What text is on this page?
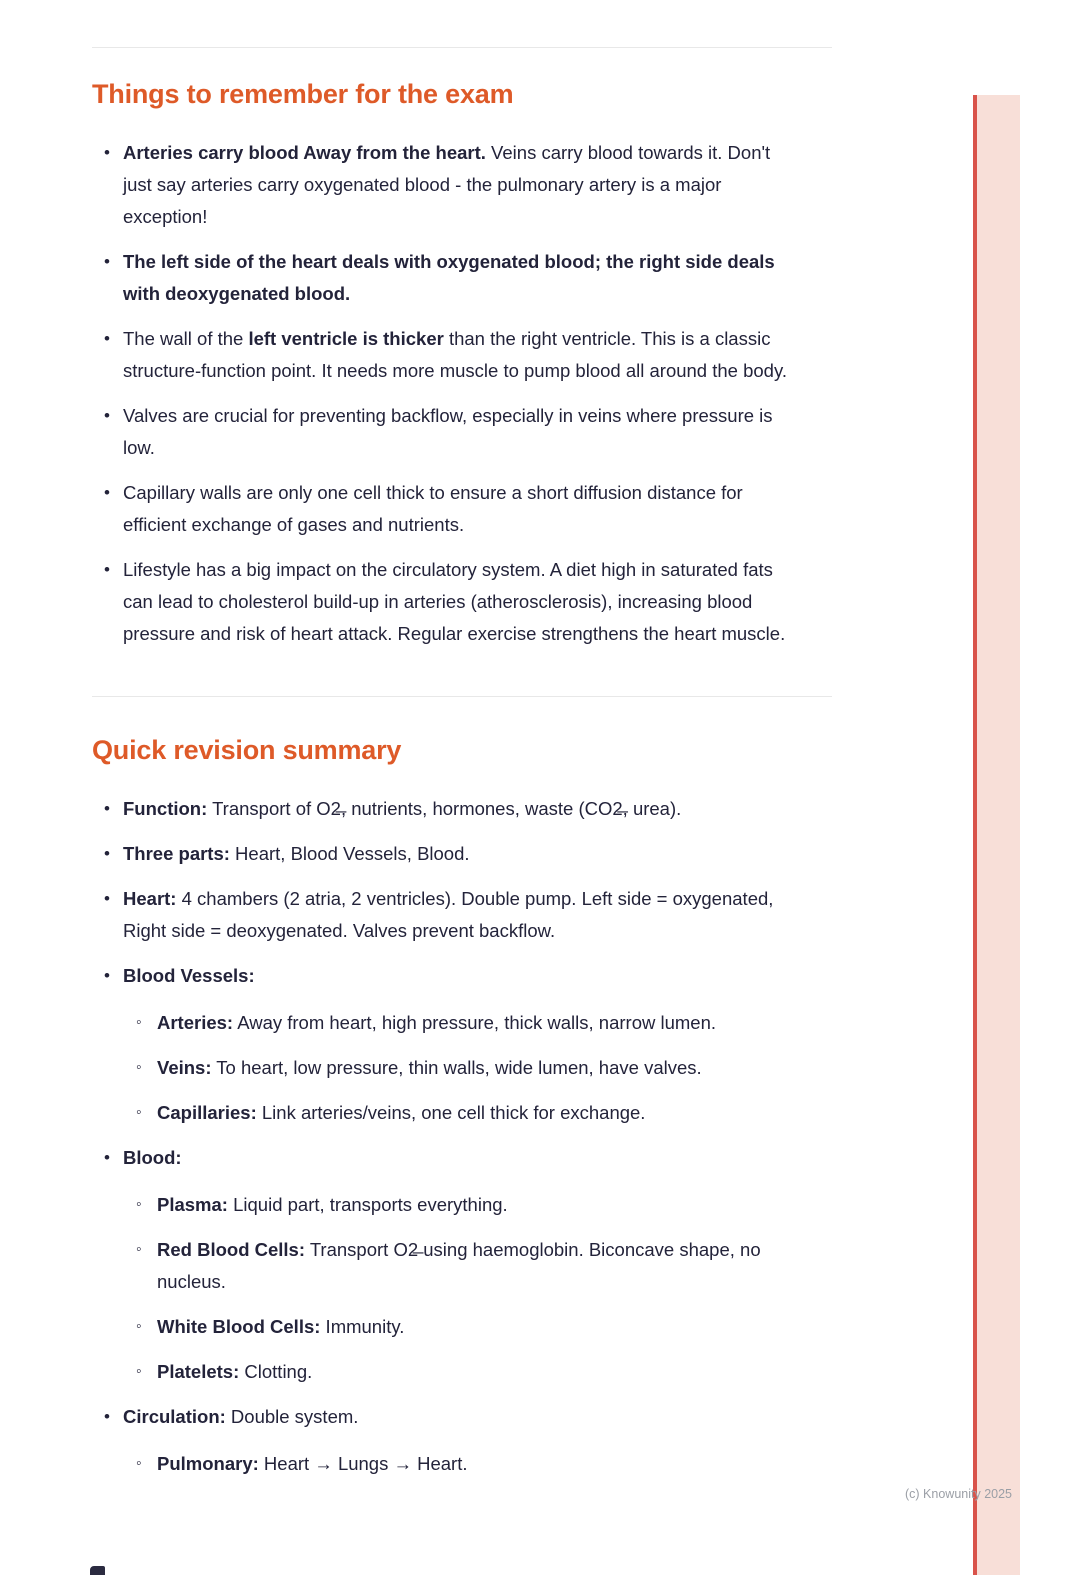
Things to remember for the exam
• Arteries carry blood Away from the heart. Veins carry blood towards it. Don't just say arteries carry oxygenated blood - the pulmonary artery is a major exception!
• The left side of the heart deals with oxygenated blood; the right side deals with deoxygenated blood.
• The wall of the left ventricle is thicker than the right ventricle. This is a classic structure-function point. It needs more muscle to pump blood all around the body.
• Valves are crucial for preventing backflow, especially in veins where pressure is low.
• Capillary walls are only one cell thick to ensure a short diffusion distance for efficient exchange of gases and nutrients.
• Lifestyle has a big impact on the circulatory system. A diet high in saturated fats can lead to cholesterol build-up in arteries (atherosclerosis), increasing blood pressure and risk of heart attack. Regular exercise strengthens the heart muscle.
Quick revision summary
• Function: Transport of O2̶, nutrients, hormones, waste (CO2̶, urea).
• Three parts: Heart, Blood Vessels, Blood.
• Heart: 4 chambers (2 atria, 2 ventricles). Double pump. Left side = oxygenated, Right side = deoxygenated. Valves prevent backflow.
• Blood Vessels:
◦ Arteries: Away from heart, high pressure, thick walls, narrow lumen.
◦ Veins: To heart, low pressure, thin walls, wide lumen, have valves.
◦ Capillaries: Link arteries/veins, one cell thick for exchange.
• Blood:
◦ Plasma: Liquid part, transports everything.
◦ Red Blood Cells: Transport O2̶ using haemoglobin. Biconcave shape, no nucleus.
◦ White Blood Cells: Immunity.
◦ Platelets: Clotting.
• Circulation: Double system.
◦ Pulmonary: Heart → Lungs → Heart.
(c) Knowunity 2025
